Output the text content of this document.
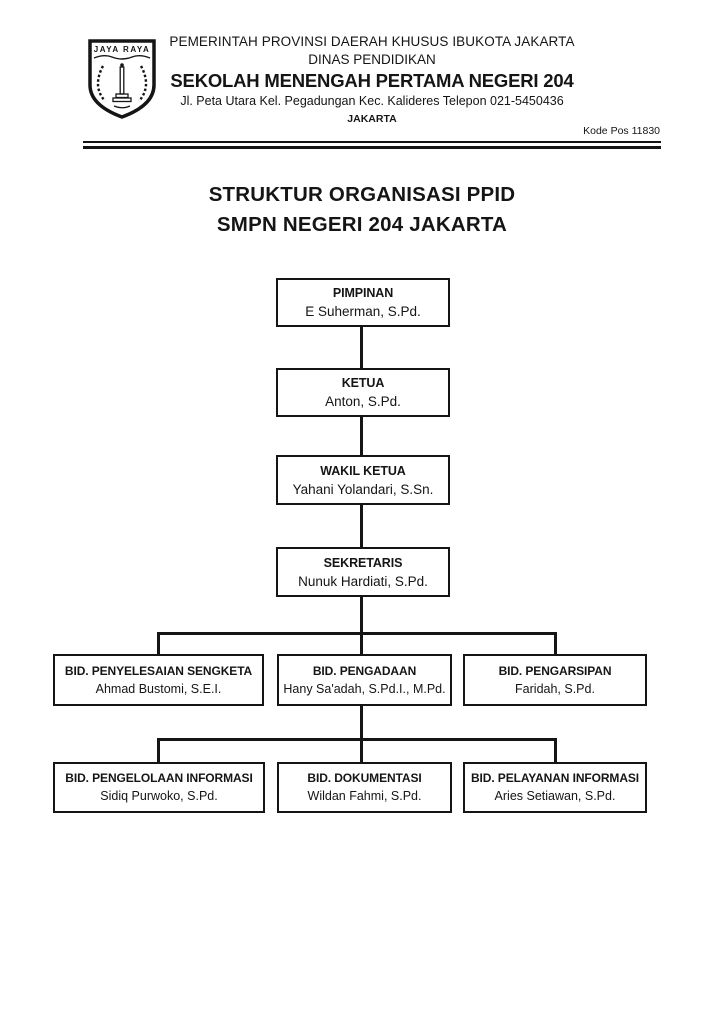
JAYA RAYA
PEMERINTAH PROVINSI DAERAH KHUSUS IBUKOTA JAKARTA
DINAS PENDIDIKAN
SEKOLAH MENENGAH PERTAMA NEGERI 204
Jl. Peta Utara Kel. Pegadungan Kec. Kalideres Telepon 021-5450436
JAKARTA
Kode Pos 11830
STRUKTUR ORGANISASI PPID
SMPN NEGERI 204 JAKARTA
PIMPINAN
E Suherman, S.Pd.
KETUA
Anton, S.Pd.
WAKIL KETUA
Yahani Yolandari, S.Sn.
SEKRETARIS
Nunuk Hardiati, S.Pd.
BID. PENYELESAIAN SENGKETA
Ahmad Bustomi, S.E.I.
BID. PENGADAAN
Hany Sa'adah, S.Pd.I., M.Pd.
BID. PENGARSIPAN
Faridah, S.Pd.
BID. PENGELOLAAN INFORMASI
Sidiq Purwoko, S.Pd.
BID. DOKUMENTASI
Wildan Fahmi, S.Pd.
BID. PELAYANAN INFORMASI
Aries Setiawan, S.Pd.
